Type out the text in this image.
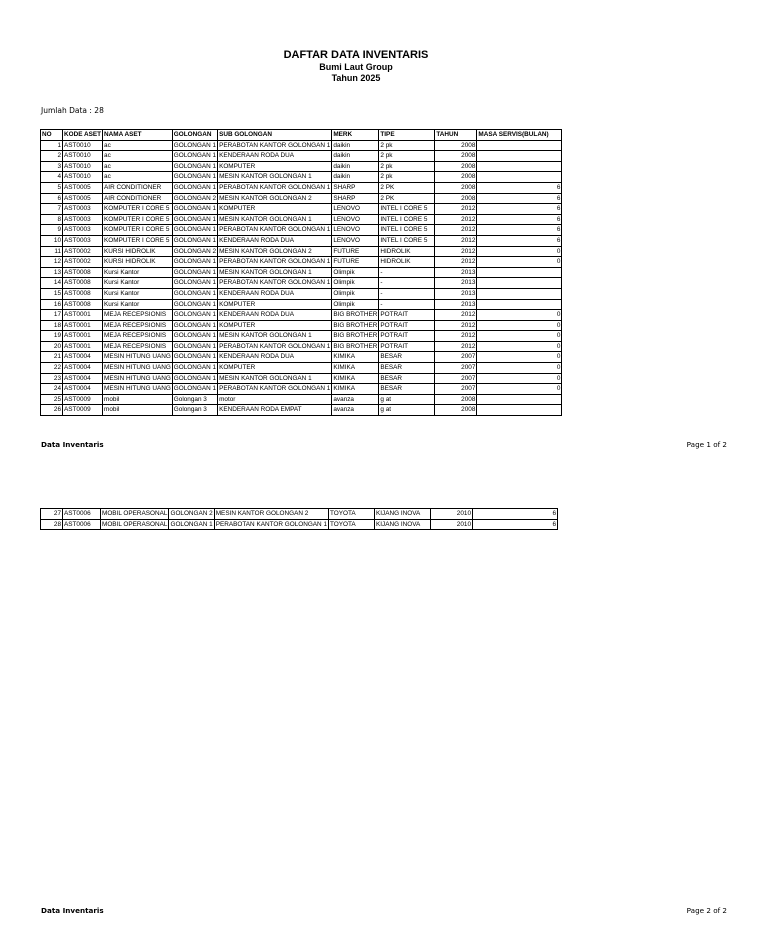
DAFTAR DATA INVENTARIS
Bumi Laut Group
Tahun 2025
Jumlah Data : 28
NO	KODE ASET	NAMA ASET	GOLONGAN	SUB GOLONGAN	MERK	TIPE	TAHUN	MASA SERVIS(BULAN)
1	AST0010	ac	GOLONGAN 1	PERABOTAN KANTOR GOLONGAN 1	daikin	2 pk	2008	
2	AST0010	ac	GOLONGAN 1	KENDERAAN RODA DUA	daikin	2 pk	2008	
3	AST0010	ac	GOLONGAN 1	KOMPUTER	daikin	2 pk	2008	
4	AST0010	ac	GOLONGAN 1	MESIN KANTOR GOLONGAN 1	daikin	2 pk	2008	
5	AST0005	AIR CONDITIONER	GOLONGAN 1	PERABOTAN KANTOR GOLONGAN 1	SHARP	2 PK	2008	6
6	AST0005	AIR CONDITIONER	GOLONGAN 2	MESIN KANTOR GOLONGAN 2	SHARP	2 PK	2008	6
7	AST0003	KOMPUTER I CORE 5	GOLONGAN 1	KOMPUTER	LENOVO	INTEL I CORE 5	2012	6
8	AST0003	KOMPUTER I CORE 5	GOLONGAN 1	MESIN KANTOR GOLONGAN 1	LENOVO	INTEL I CORE 5	2012	6
9	AST0003	KOMPUTER I CORE 5	GOLONGAN 1	PERABOTAN KANTOR GOLONGAN 1	LENOVO	INTEL I CORE 5	2012	6
10	AST0003	KOMPUTER I CORE 5	GOLONGAN 1	KENDERAAN RODA DUA	LENOVO	INTEL I CORE 5	2012	6
11	AST0002	KURSI HIDROLIK	GOLONGAN 2	MESIN KANTOR GOLONGAN 2	FUTURE	HIDROLIK	2012	0
12	AST0002	KURSI HIDROLIK	GOLONGAN 1	PERABOTAN KANTOR GOLONGAN 1	FUTURE	HIDROLIK	2012	0
13	AST0008	Kursi Kantor	GOLONGAN 1	MESIN KANTOR GOLONGAN 1	Olimpik	-	2013	
14	AST0008	Kursi Kantor	GOLONGAN 1	PERABOTAN KANTOR GOLONGAN 1	Olimpik	-	2013	
15	AST0008	Kursi Kantor	GOLONGAN 1	KENDERAAN RODA DUA	Olimpik	-	2013	
16	AST0008	Kursi Kantor	GOLONGAN 1	KOMPUTER	Olimpik	-	2013	
17	AST0001	MEJA RECEPSIONIS	GOLONGAN 1	KENDERAAN RODA DUA	BIG BROTHER	POTRAIT	2012	0
18	AST0001	MEJA RECEPSIONIS	GOLONGAN 1	KOMPUTER	BIG BROTHER	POTRAIT	2012	0
19	AST0001	MEJA RECEPSIONIS	GOLONGAN 1	MESIN KANTOR GOLONGAN 1	BIG BROTHER	POTRAIT	2012	0
20	AST0001	MEJA RECEPSIONIS	GOLONGAN 1	PERABOTAN KANTOR GOLONGAN 1	BIG BROTHER	POTRAIT	2012	0
21	AST0004	MESIN HITUNG UANG	GOLONGAN 1	KENDERAAN RODA DUA	KIMIKA	BESAR	2007	0
22	AST0004	MESIN HITUNG UANG	GOLONGAN 1	KOMPUTER	KIMIKA	BESAR	2007	0
23	AST0004	MESIN HITUNG UANG	GOLONGAN 1	MESIN KANTOR GOLONGAN 1	KIMIKA	BESAR	2007	0
24	AST0004	MESIN HITUNG UANG	GOLONGAN 1	PERABOTAN KANTOR GOLONGAN 1	KIMIKA	BESAR	2007	0
25	AST0009	mobil	Golongan 3	motor	avanza	g at	2008	
26	AST0009	mobil	Golongan 3	KENDERAAN RODA EMPAT	avanza	g at	2008	
Data Inventaris	Page 1 of 2
27	AST0006	MOBIL OPERASONAL	GOLONGAN 2	MESIN KANTOR GOLONGAN 2	TOYOTA	KIJANG INOVA	2010	6
28	AST0006	MOBIL OPERASONAL	GOLONGAN 1	PERABOTAN KANTOR GOLONGAN 1	TOYOTA	KIJANG INOVA	2010	6
Data Inventaris	Page 2 of 2
